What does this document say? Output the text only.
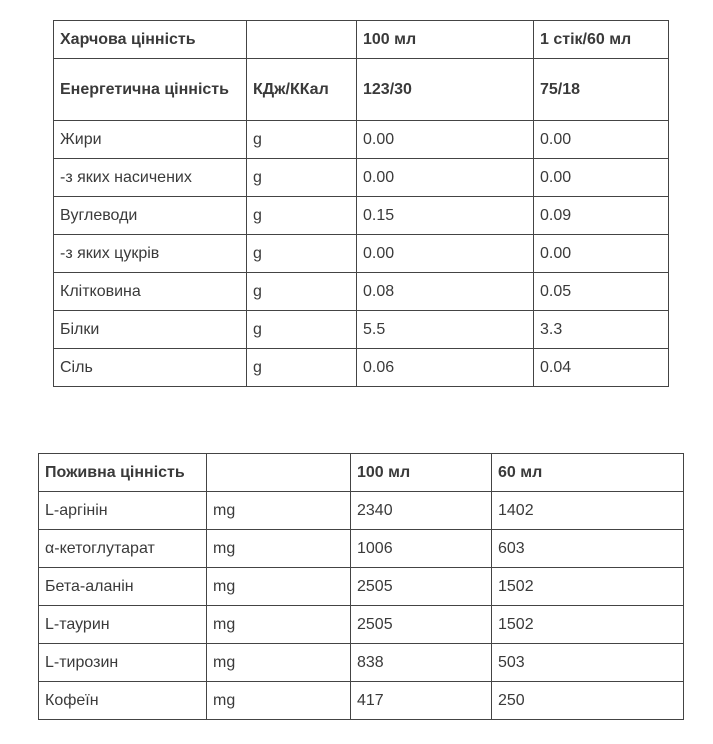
Харчова цінність		100 мл	1 стік/60 мл
Енергетична цінність	КДж/ККал	123/30	75/18
Жири	g	0.00	0.00
-з яких насичених	g	0.00	0.00
Вуглеводи	g	0.15	0.09
-з яких цукрів	g	0.00	0.00
Клітковина	g	0.08	0.05
Білки	g	5.5	3.3
Сіль	g	0.06	0.04
Поживна цінність		100 мл	60 мл
L-аргінін	mg	2340	1402
α-кетоглутарат	mg	1006	603
Бета-аланін	mg	2505	1502
L-таурин	mg	2505	1502
L-тирозин	mg	838	503
Кофеїн	mg	417	250
